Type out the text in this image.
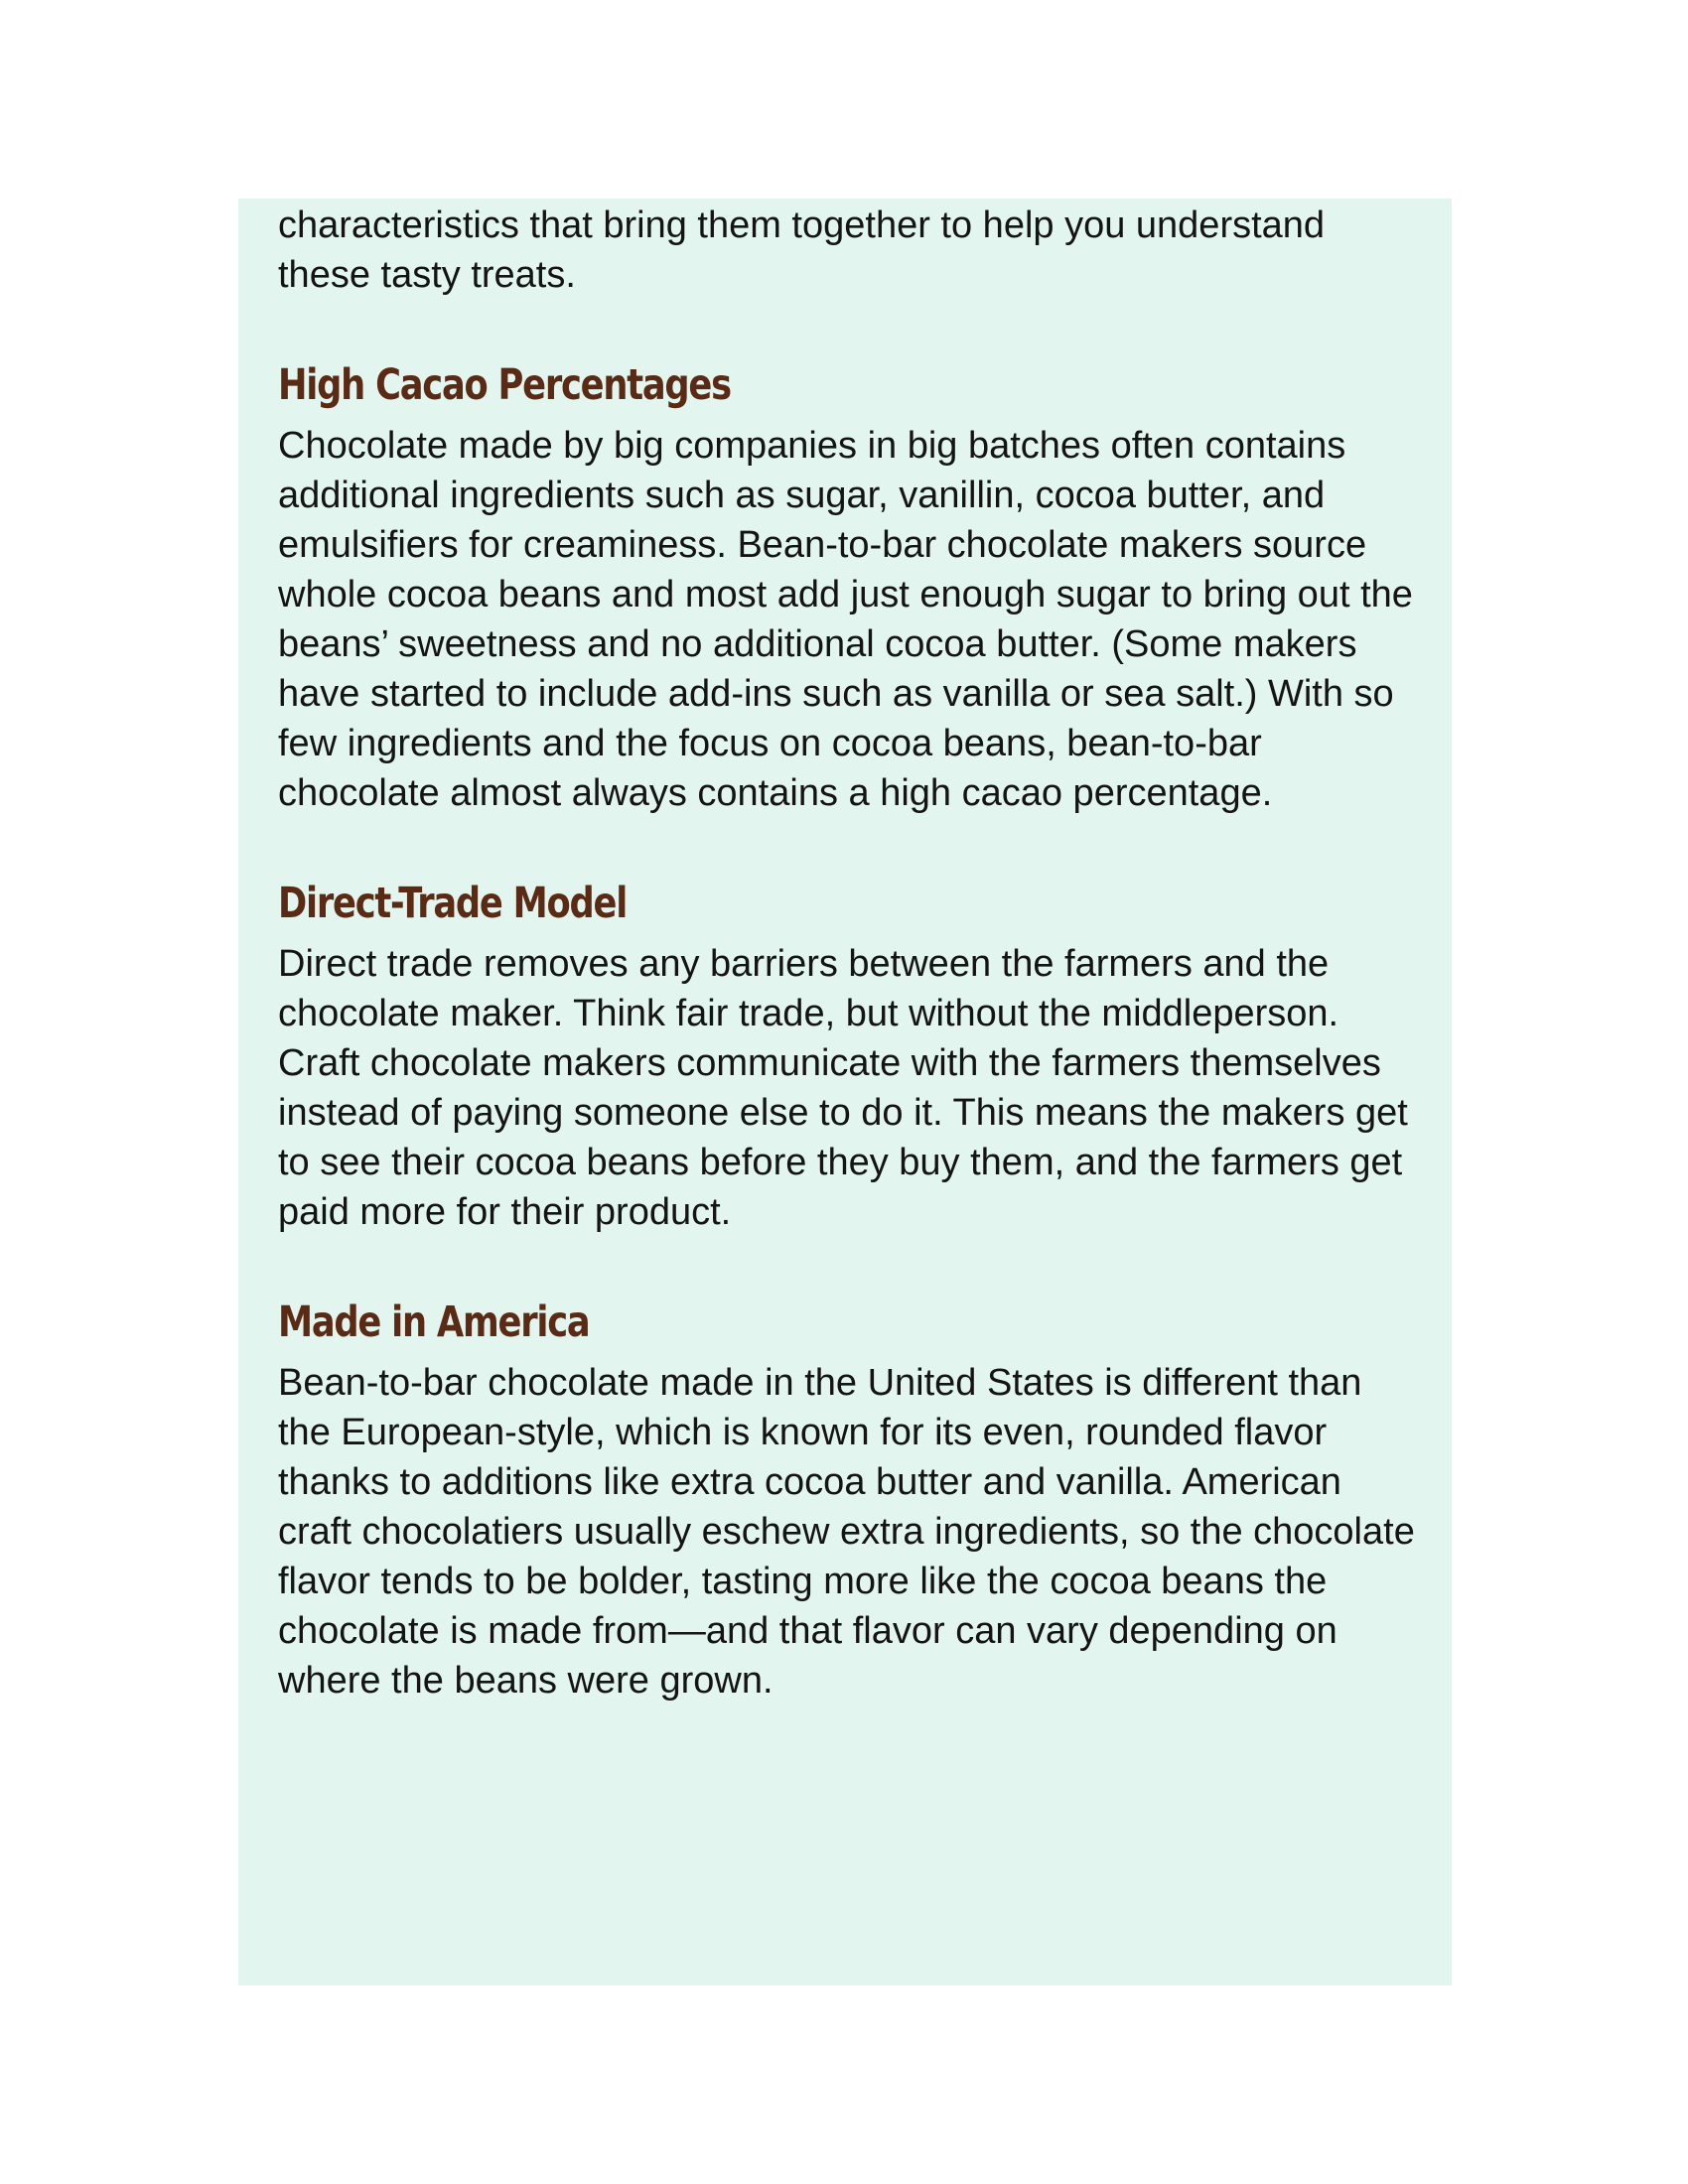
characteristics that bring them together to help you understand these tasty treats.

High Cacao Percentages

Chocolate made by big companies in big batches often contains additional ingredients such as sugar, vanillin, cocoa butter, and emulsifiers for creaminess. Bean-to-bar chocolate makers source whole cocoa beans and most add just enough sugar to bring out the beans’ sweetness and no additional cocoa butter. (Some makers have started to include add-ins such as vanilla or sea salt.) With so few ingredients and the focus on cocoa beans, bean-to-bar chocolate almost always contains a high cacao percentage.

Direct-Trade Model

Direct trade removes any barriers between the farmers and the chocolate maker. Think fair trade, but without the middleperson. Craft chocolate makers communicate with the farmers themselves instead of paying someone else to do it. This means the makers get to see their cocoa beans before they buy them, and the farmers get paid more for their product.

Made in America

Bean-to-bar chocolate made in the United States is different than the European-style, which is known for its even, rounded flavor thanks to additions like extra cocoa butter and vanilla. American craft chocolatiers usually eschew extra ingredients, so the chocolate flavor tends to be bolder, tasting more like the cocoa beans the chocolate is made from—and that flavor can vary depending on where the beans were grown.
